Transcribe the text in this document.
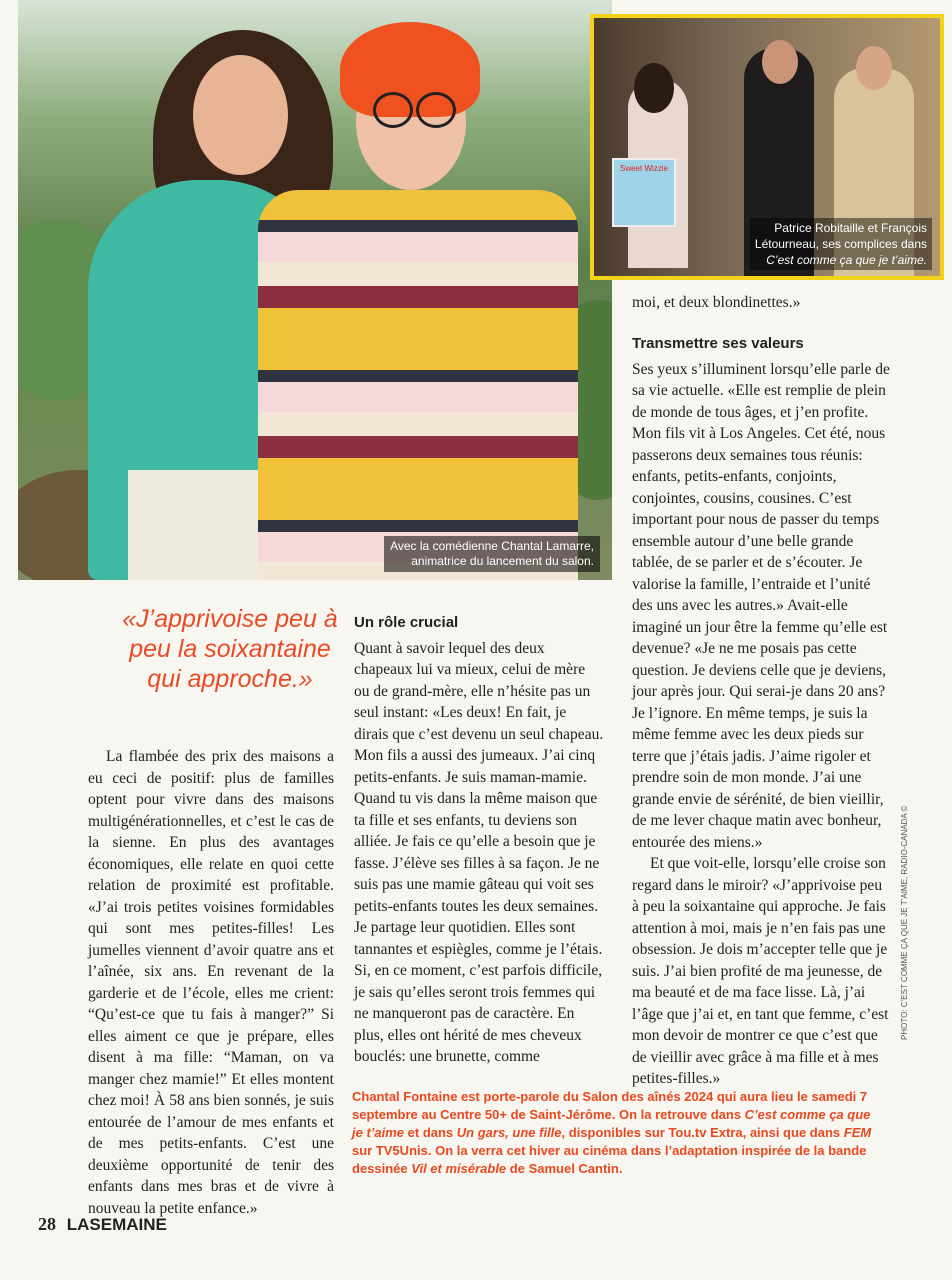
Avec la comédienne Chantal Lamarre,
animatrice du lancement du salon.
Sweet Wizzie
Patrice Robitaille et François
Létourneau, ses complices dans
C’est comme ça que je t’aime.
«J’apprivoise peu à peu la soixantaine qui approche.»

La flambée des prix des maisons a eu ceci de positif: plus de familles optent pour vivre dans des maisons multigénérationnelles, et c’est le cas de la sienne. En plus des avantages économiques, elle relate en quoi cette relation de proximité est profitable. «J’ai trois petites voisines formidables qui sont mes petites-filles! Les jumelles viennent d’avoir quatre ans et l’aînée, six ans. En revenant de la garderie et de l’école, elles me crient: “Qu’est-ce que tu fais à manger?” Si elles aiment ce que je prépare, elles disent à ma fille: “Maman, on va manger chez mamie!” Et elles montent chez moi! À 58 ans bien sonnés, je suis entourée de l’amour de mes enfants et de mes petits-enfants. C’est une deuxième opportunité de tenir des enfants dans mes bras et de vivre à nouveau la petite enfance.»

Un rôle crucial

Quant à savoir lequel des deux chapeaux lui va mieux, celui de mère ou de grand-mère, elle n’hésite pas un seul instant: «Les deux! En fait, je dirais que c’est devenu un seul chapeau. Mon fils a aussi des jumeaux. J’ai cinq petits-enfants. Je suis maman-mamie. Quand tu vis dans la même maison que ta fille et ses enfants, tu deviens son alliée. Je fais ce qu’elle a besoin que je fasse. J’élève ses filles à sa façon. Je ne suis pas une mamie gâteau qui voit ses petits-enfants toutes les deux semaines. Je partage leur quotidien. Elles sont tannantes et espiègles, comme je l’étais. Si, en ce moment, c’est parfois difficile, je sais qu’elles seront trois femmes qui ne manqueront pas de caractère. En plus, elles ont hérité de mes cheveux bouclés: une brunette, comme

moi, et deux blondinettes.»
Transmettre ses valeurs

Ses yeux s’illuminent lorsqu’elle parle de sa vie actuelle. «Elle est remplie de plein de monde de tous âges, et j’en profite. Mon fils vit à Los Angeles. Cet été, nous passerons deux semaines tous réunis: enfants, petits-enfants, conjoints, conjointes, cousins, cousines. C’est important pour nous de passer du temps ensemble autour d’une belle grande tablée, de se parler et de s’écouter. Je valorise la famille, l’entraide et l’unité des uns avec les autres.» Avait-elle imaginé un jour être la femme qu’elle est devenue? «Je ne me posais pas cette question. Je deviens celle que je deviens, jour après jour. Qui serai-je dans 20 ans? Je l’ignore. En même temps, je suis la même femme avec les deux pieds sur terre que j’étais jadis. J’aime rigoler et prendre soin de mon monde. J’ai une grande envie de sérénité, de bien vieillir, de me lever chaque matin avec bonheur, entourée des miens.»

Et que voit-elle, lorsqu’elle croise son regard dans le miroir? «J’apprivoise peu à peu la soixantaine qui approche. Je fais attention à moi, mais je n’en fais pas une obsession. Je dois m’accepter telle que je suis. J’ai bien profité de ma jeunesse, de ma beauté et de ma face lisse. Là, j’ai l’âge que j’ai et, en tant que femme, c’est mon devoir de montrer ce que c’est que de vieillir avec grâce à ma fille et à mes petites-filles.»

Chantal Fontaine est porte-parole du Salon des aînés 2024 qui aura lieu le samedi 7 septembre au Centre 50+ de Saint-Jérôme. On la retrouve dans C’est comme ça que je t’aime et dans Un gars, une fille, disponibles sur Tou.tv Extra, ainsi que dans FEM sur TV5Unis. On la verra cet hiver au cinéma dans l’adaptation inspirée de la bande dessinée Vil et misérable de Samuel Cantin.
28 LASEMAINE
PHOTO: C’EST COMME ÇA QUE JE T’AIME, RADIO-CANADA ©
